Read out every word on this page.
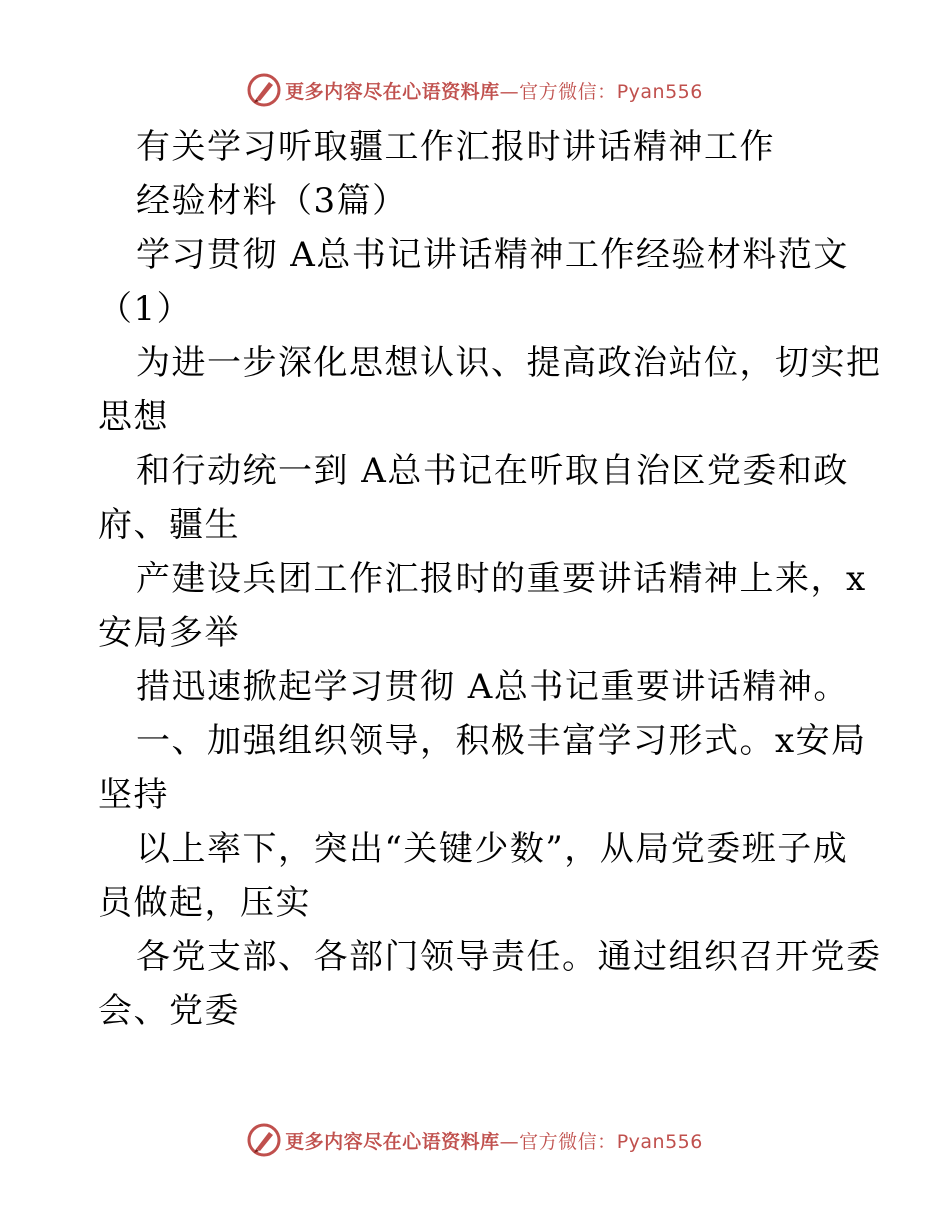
更多内容尽在心语资料库—官方微信：Pyan556
有关学习听取疆工作汇报时讲话精神工作
经验材料（3篇）
学习贯彻 A总书记讲话精神工作经验材料范文
（1）
为进一步深化思想认识、提高政治站位，切实把
思想
和行动统一到 A总书记在听取自治区党委和政
府、疆生
产建设兵团工作汇报时的重要讲话精神上来，x
安局多举
措迅速掀起学习贯彻 A总书记重要讲话精神。
一、加强组织领导，积极丰富学习形式。x安局
坚持
以上率下，突出“关键少数”，从局党委班子成
员做起，压实
各党支部、各部门领导责任。通过组织召开党委
会、党委
更多内容尽在心语资料库—官方微信：Pyan556
